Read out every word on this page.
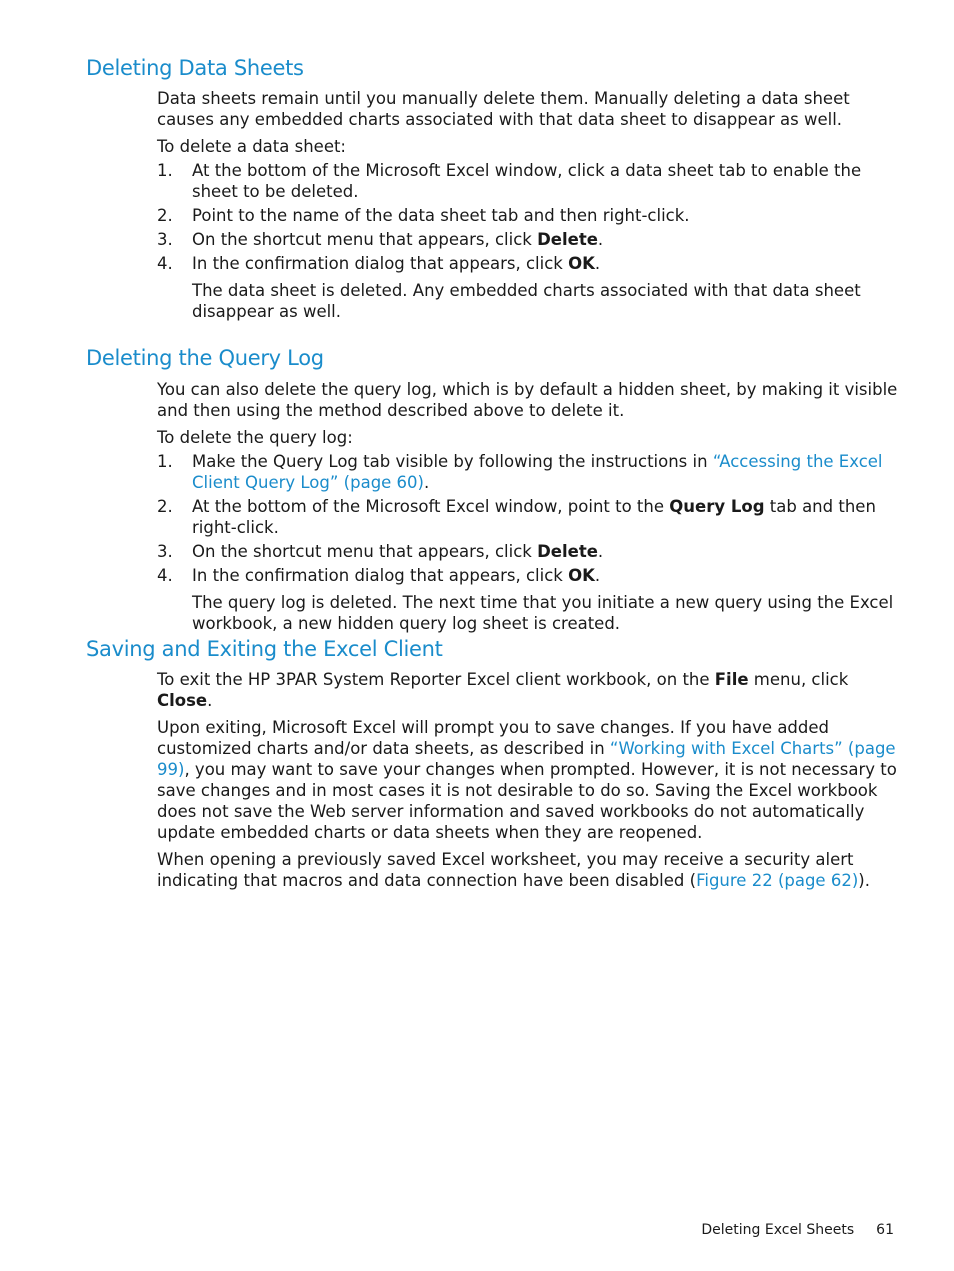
Deleting Data Sheets

Data sheets remain until you manually delete them. Manually deleting a data sheet causes any embedded charts associated with that data sheet to disappear as well.

To delete a data sheet:

1. At the bottom of the Microsoft Excel window, click a data sheet tab to enable the sheet to be deleted.
2. Point to the name of the data sheet tab and then right-click.
3. On the shortcut menu that appears, click Delete.
4. In the confirmation dialog that appears, click OK.

The data sheet is deleted. Any embedded charts associated with that data sheet disappear as well.

Deleting the Query Log

You can also delete the query log, which is by default a hidden sheet, by making it visible and then using the method described above to delete it.

To delete the query log:

1. Make the Query Log tab visible by following the instructions in “Accessing the Excel Client Query Log” (page 60).
2. At the bottom of the Microsoft Excel window, point to the Query Log tab and then right-click.
3. On the shortcut menu that appears, click Delete.
4. In the confirmation dialog that appears, click OK.

The query log is deleted. The next time that you initiate a new query using the Excel workbook, a new hidden query log sheet is created.

Saving and Exiting the Excel Client

To exit the HP 3PAR System Reporter Excel client workbook, on the File menu, click Close.

Upon exiting, Microsoft Excel will prompt you to save changes. If you have added customized charts and/or data sheets, as described in “Working with Excel Charts” (page 99), you may want to save your changes when prompted. However, it is not necessary to save changes and in most cases it is not desirable to do so. Saving the Excel workbook does not save the Web server information and saved workbooks do not automatically update embedded charts or data sheets when they are reopened.

When opening a previously saved Excel worksheet, you may receive a security alert indicating that macros and data connection have been disabled (Figure 22 (page 62)).

Deleting Excel Sheets 61
